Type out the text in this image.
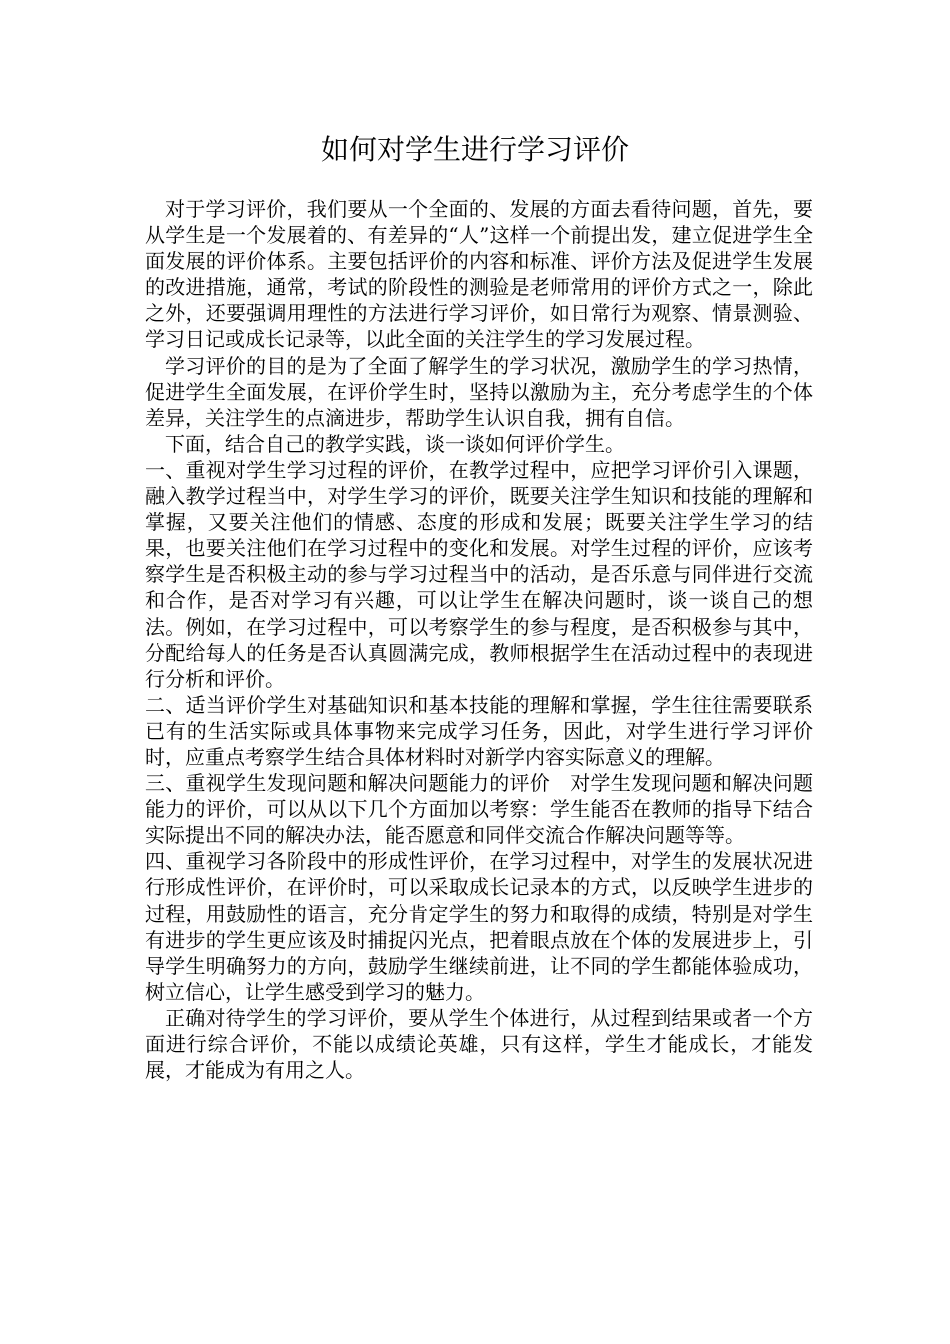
如何对学生进行学习评价

对于学习评价，我们要从一个全面的、发展的方面去看待问题，首先，要从学生是一个发展着的、有差异的“人”这样一个前提出发，建立促进学生全面发展的评价体系。主要包括评价的内容和标准、评价方法及促进学生发展的改进措施，通常，考试的阶段性的测验是老师常用的评价方式之一，除此之外，还要强调用理性的方法进行学习评价，如日常行为观察、情景测验、学习日记或成长记录等，以此全面的关注学生的学习发展过程。

学习评价的目的是为了全面了解学生的学习状况，激励学生的学习热情，促进学生全面发展，在评价学生时，坚持以激励为主，充分考虑学生的个体差异，关注学生的点滴进步，帮助学生认识自我，拥有自信。

下面，结合自己的教学实践，谈一谈如何评价学生。

一、重视对学生学习过程的评价，在教学过程中，应把学习评价引入课题，融入教学过程当中，对学生学习的评价，既要关注学生知识和技能的理解和掌握，又要关注他们的情感、态度的形成和发展；既要关注学生学习的结果，也要关注他们在学习过程中的变化和发展。对学生过程的评价，应该考察学生是否积极主动的参与学习过程当中的活动，是否乐意与同伴进行交流和合作，是否对学习有兴趣，可以让学生在解决问题时，谈一谈自己的想法。例如，在学习过程中，可以考察学生的参与程度，是否积极参与其中，分配给每人的任务是否认真圆满完成，教师根据学生在活动过程中的表现进行分析和评价。

二、适当评价学生对基础知识和基本技能的理解和掌握，学生往往需要联系已有的生活实际或具体事物来完成学习任务，因此，对学生进行学习评价时，应重点考察学生结合具体材料时对新学内容实际意义的理解。

三、重视学生发现问题和解决问题能力的评价　对学生发现问题和解决问题能力的评价，可以从以下几个方面加以考察：学生能否在教师的指导下结合实际提出不同的解决办法，能否愿意和同伴交流合作解决问题等等。

四、重视学习各阶段中的形成性评价，在学习过程中，对学生的发展状况进行形成性评价，在评价时，可以采取成长记录本的方式，以反映学生进步的过程，用鼓励性的语言，充分肯定学生的努力和取得的成绩，特别是对学生有进步的学生更应该及时捕捉闪光点，把着眼点放在个体的发展进步上，引导学生明确努力的方向，鼓励学生继续前进，让不同的学生都能体验成功，树立信心，让学生感受到学习的魅力。

正确对待学生的学习评价，要从学生个体进行，从过程到结果或者一个方面进行综合评价，不能以成绩论英雄，只有这样，学生才能成长，才能发展，才能成为有用之人。
